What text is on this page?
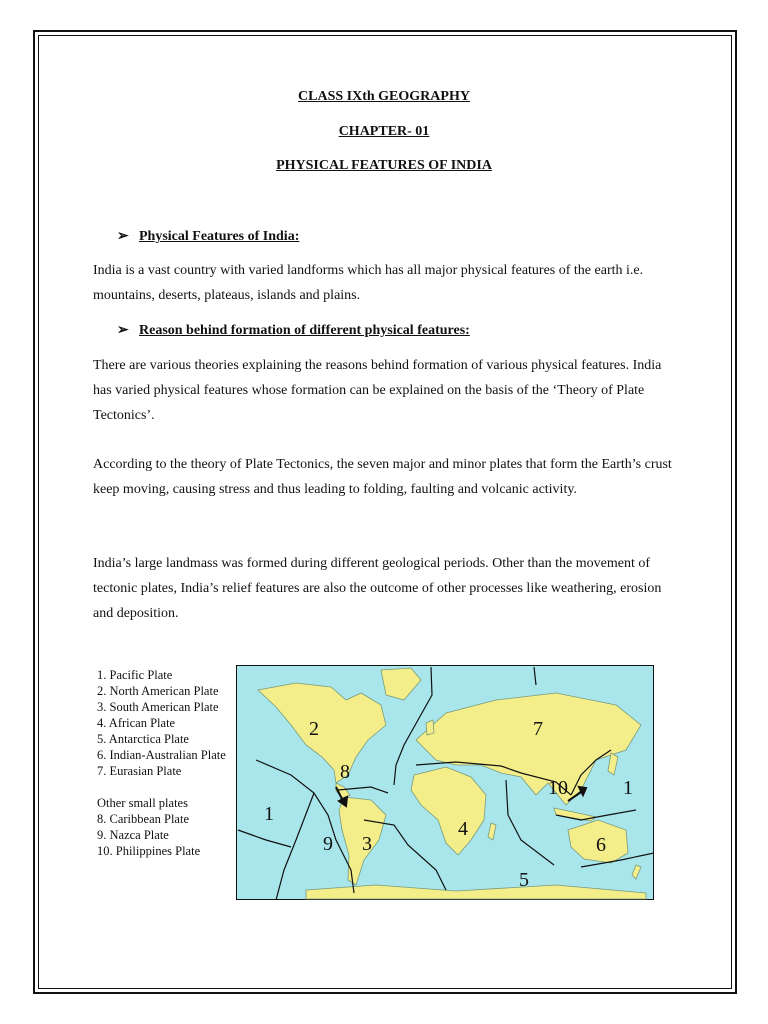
CLASS IXth GEOGRAPHY
CHAPTER- 01
PHYSICAL FEATURES OF INDIA
➢ Physical Features of India:
India is a vast country with varied landforms which has all major physical features of the earth i.e. mountains, deserts, plateaus, islands and plains.
➢ Reason behind formation of different physical features:
There are various theories explaining the reasons behind formation of various physical features. India has varied physical features whose formation can be explained on the basis of the ‘Theory of Plate Tectonics’.
According to the theory of Plate Tectonics, the seven major and minor plates that form the Earth’s crust keep moving, causing stress and thus leading to folding, faulting and volcanic activity.
India’s large landmass was formed during different geological periods. Other than the movement of tectonic plates, India’s relief features are also the outcome of other processes like weathering, erosion and deposition.
1. Pacific Plate
2. North American Plate
3. South American Plate
4. African Plate
5. Antarctica Plate
6. Indian-Australian Plate
7. Eurasian Plate
Other small plates
8. Caribbean Plate
9. Nazca Plate
10. Philippines Plate
1
2
3
4
5
6
7
8
9
10	1
